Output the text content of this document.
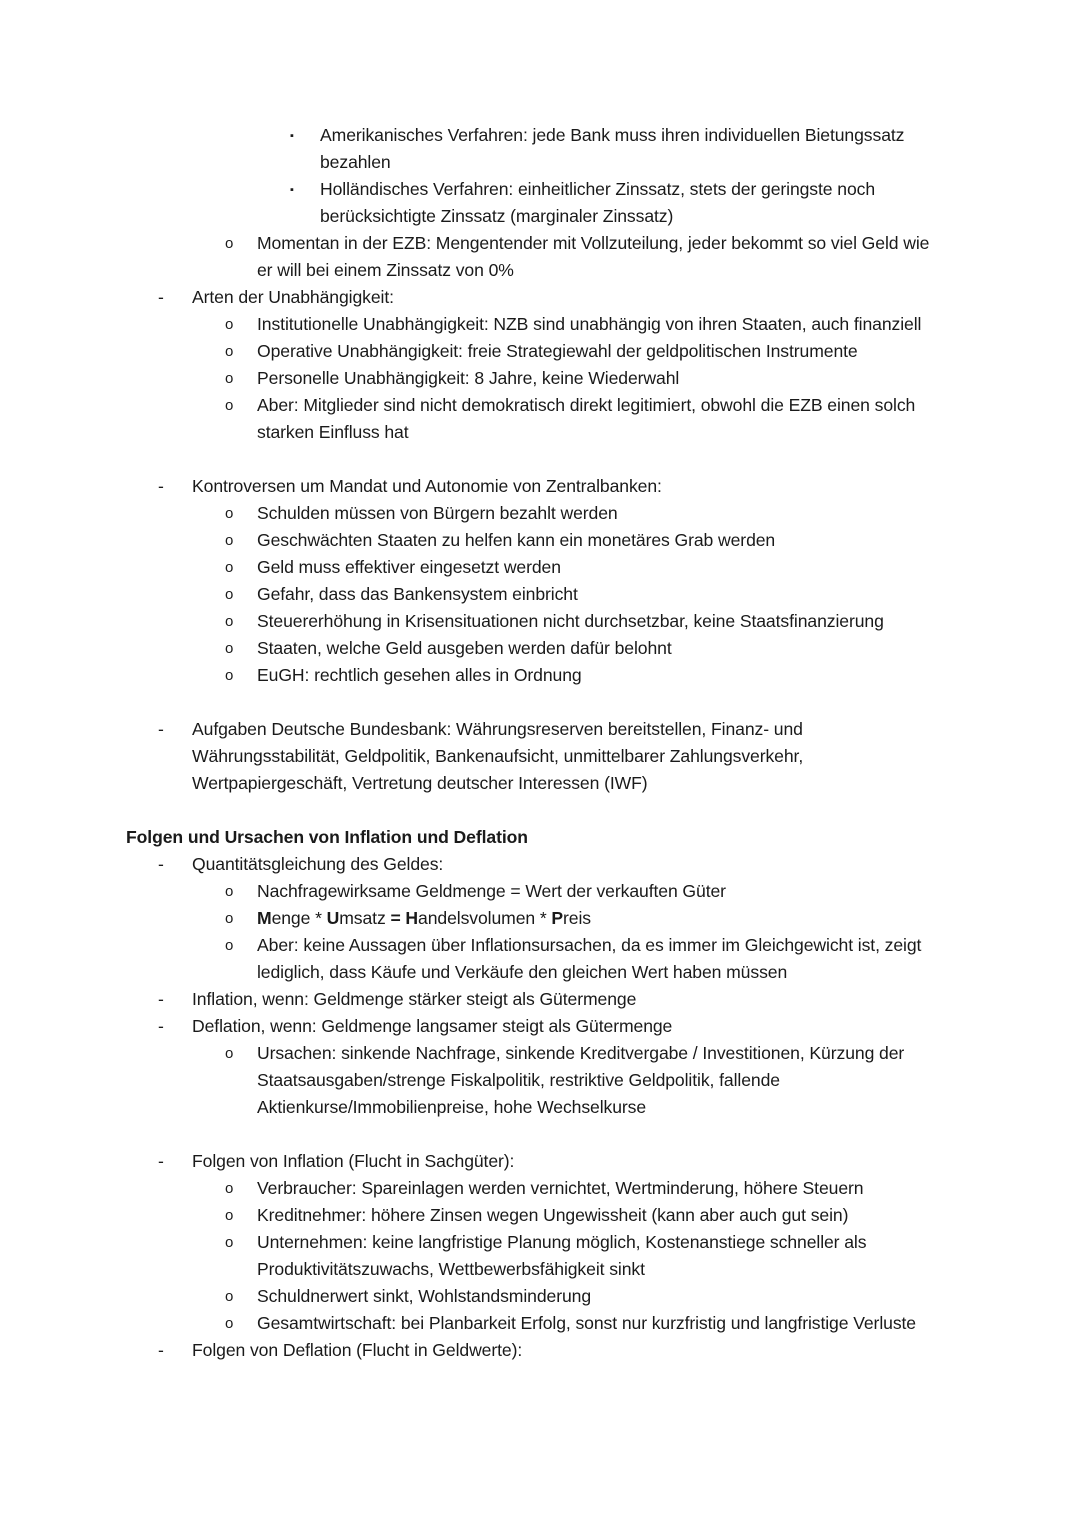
▪ Amerikanisches Verfahren: jede Bank muss ihren individuellen Bietungssatz bezahlen
▪ Holländisches Verfahren: einheitlicher Zinssatz, stets der geringste noch berücksichtigte Zinssatz (marginaler Zinssatz)
o Momentan in der EZB: Mengentender mit Vollzuteilung, jeder bekommt so viel Geld wie er will bei einem Zinssatz von 0%
- Arten der Unabhängigkeit:
o Institutionelle Unabhängigkeit: NZB sind unabhängig von ihren Staaten, auch finanziell
o Operative Unabhängigkeit: freie Strategiewahl der geldpolitischen Instrumente
o Personelle Unabhängigkeit: 8 Jahre, keine Wiederwahl
o Aber: Mitglieder sind nicht demokratisch direkt legitimiert, obwohl die EZB einen solch starken Einfluss hat

- Kontroversen um Mandat und Autonomie von Zentralbanken:
o Schulden müssen von Bürgern bezahlt werden
o Geschwächten Staaten zu helfen kann ein monetäres Grab werden
o Geld muss effektiver eingesetzt werden
o Gefahr, dass das Bankensystem einbricht
o Steuererhöhung in Krisensituationen nicht durchsetzbar, keine Staatsfinanzierung
o Staaten, welche Geld ausgeben werden dafür belohnt
o EuGH: rechtlich gesehen alles in Ordnung

- Aufgaben Deutsche Bundesbank: Währungsreserven bereitstellen, Finanz- und Währungsstabilität, Geldpolitik, Bankenaufsicht, unmittelbarer Zahlungsverkehr, Wertpapiergeschäft, Vertretung deutscher Interessen (IWF)

Folgen und Ursachen von Inflation und Deflation
- Quantitätsgleichung des Geldes:
o Nachfragewirksame Geldmenge = Wert der verkauften Güter
o Menge * Umsatz = Handelsvolumen * Preis
o Aber: keine Aussagen über Inflationsursachen, da es immer im Gleichgewicht ist, zeigt lediglich, dass Käufe und Verkäufe den gleichen Wert haben müssen
- Inflation, wenn: Geldmenge stärker steigt als Gütermenge
- Deflation, wenn: Geldmenge langsamer steigt als Gütermenge
o Ursachen: sinkende Nachfrage, sinkende Kreditvergabe / Investitionen, Kürzung der Staatsausgaben/strenge Fiskalpolitik, restriktive Geldpolitik, fallende Aktienkurse/Immobilienpreise, hohe Wechselkurse

- Folgen von Inflation (Flucht in Sachgüter):
o Verbraucher: Spareinlagen werden vernichtet, Wertminderung, höhere Steuern
o Kreditnehmer: höhere Zinsen wegen Ungewissheit (kann aber auch gut sein)
o Unternehmen: keine langfristige Planung möglich, Kostenanstiege schneller als Produktivitätszuwachs, Wettbewerbsfähigkeit sinkt
o Schuldnerwert sinkt, Wohlstandsminderung
o Gesamtwirtschaft: bei Planbarkeit Erfolg, sonst nur kurzfristig und langfristige Verluste
- Folgen von Deflation (Flucht in Geldwerte):
